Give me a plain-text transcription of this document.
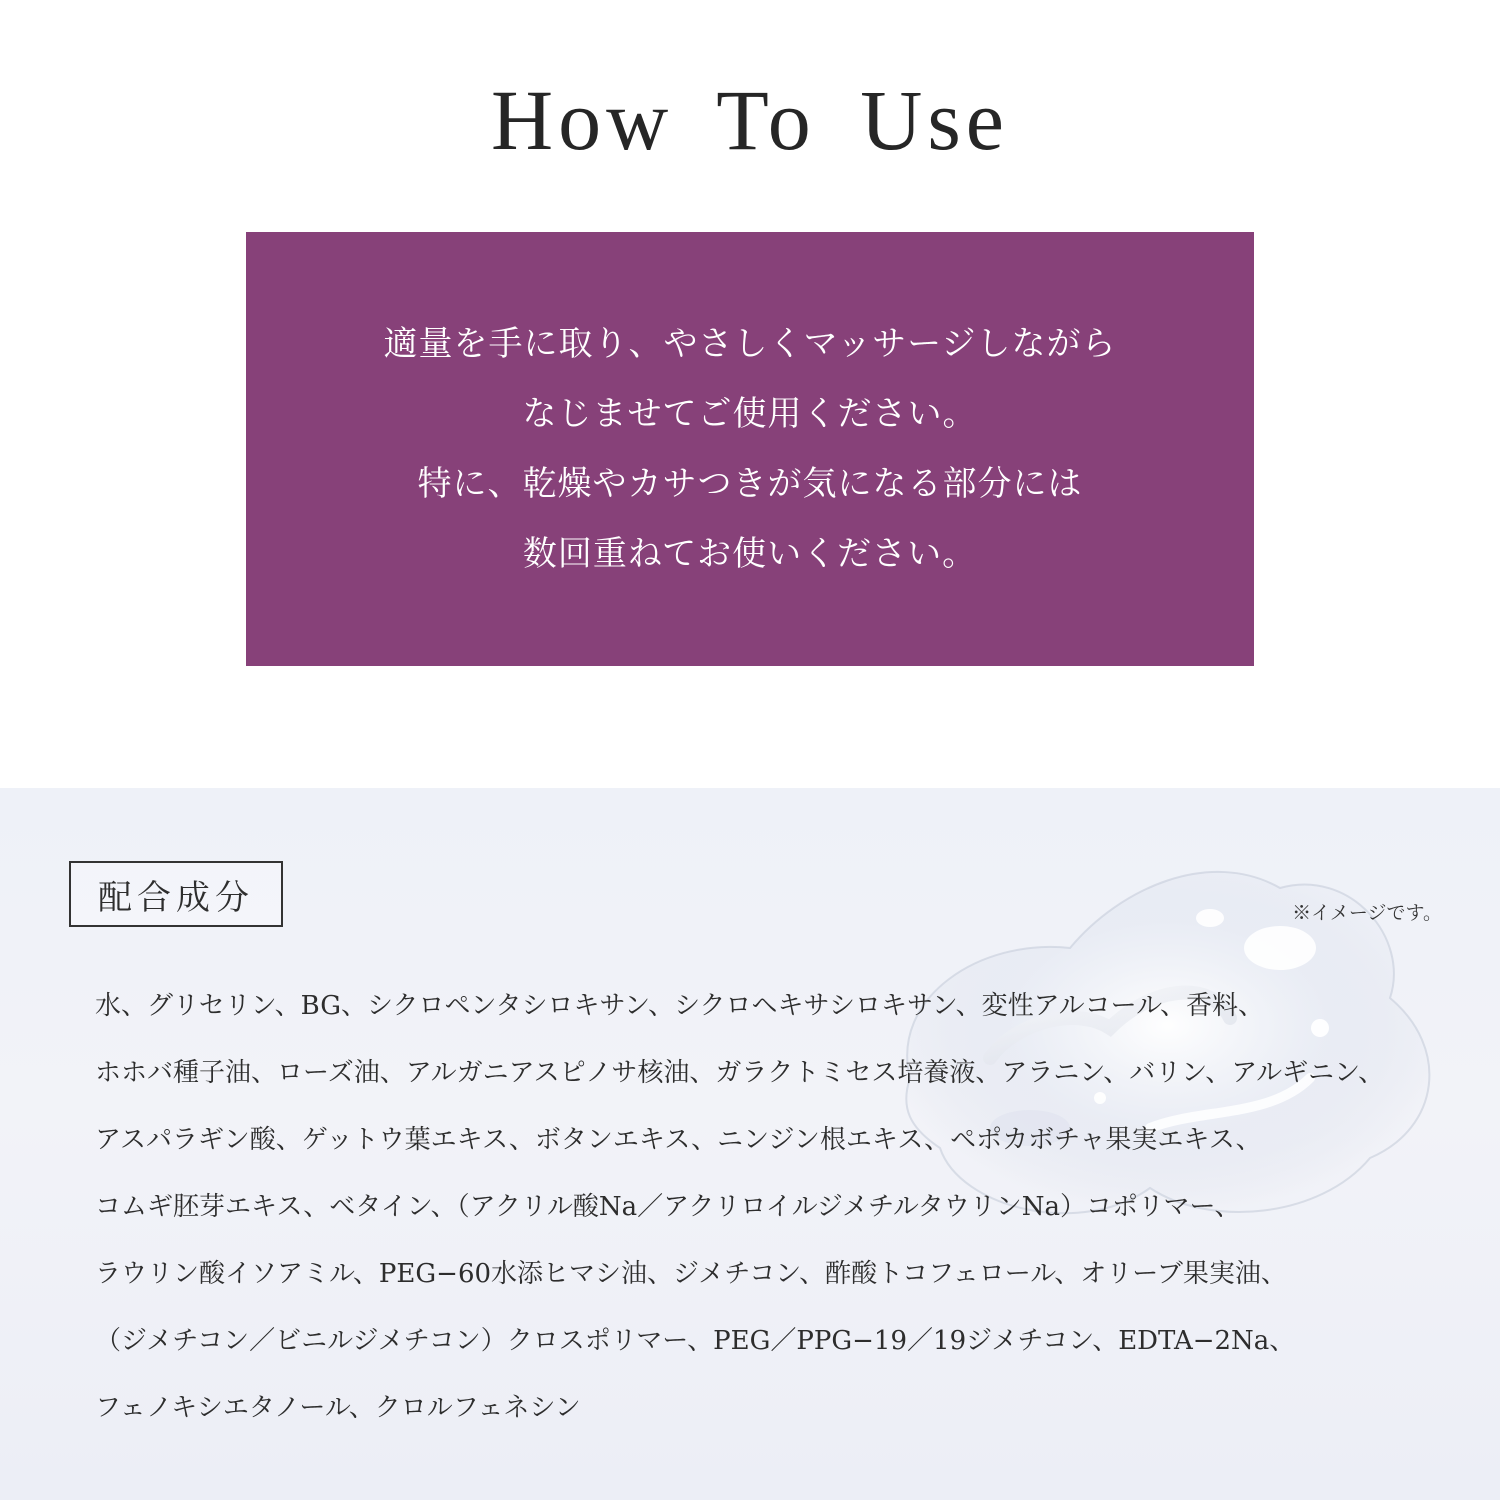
How To Use
適量を手に取り、やさしくマッサージしながら
なじませてご使用ください。
特に、乾燥やカサつきが気になる部分には
数回重ねてお使いください。
配合成分	※イメージです。
水、グリセリン、BG、シクロペンタシロキサン、シクロヘキサシロキサン、変性アルコール、香料、
ホホバ種子油、ローズ油、アルガニアスピノサ核油、ガラクトミセス培養液、アラニン、バリン、アルギニン、
アスパラギン酸、ゲットウ葉エキス、ボタンエキス、ニンジン根エキス、ペポカボチャ果実エキス、
コムギ胚芽エキス、ベタイン、（アクリル酸Na／アクリロイルジメチルタウリンNa）コポリマー、
ラウリン酸イソアミル、PEG−60水添ヒマシ油、ジメチコン、酢酸トコフェロール、オリーブ果実油、
（ジメチコン／ビニルジメチコン）クロスポリマー、PEG／PPG−19／19ジメチコン、EDTA−2Na、
フェノキシエタノール、クロルフェネシン
